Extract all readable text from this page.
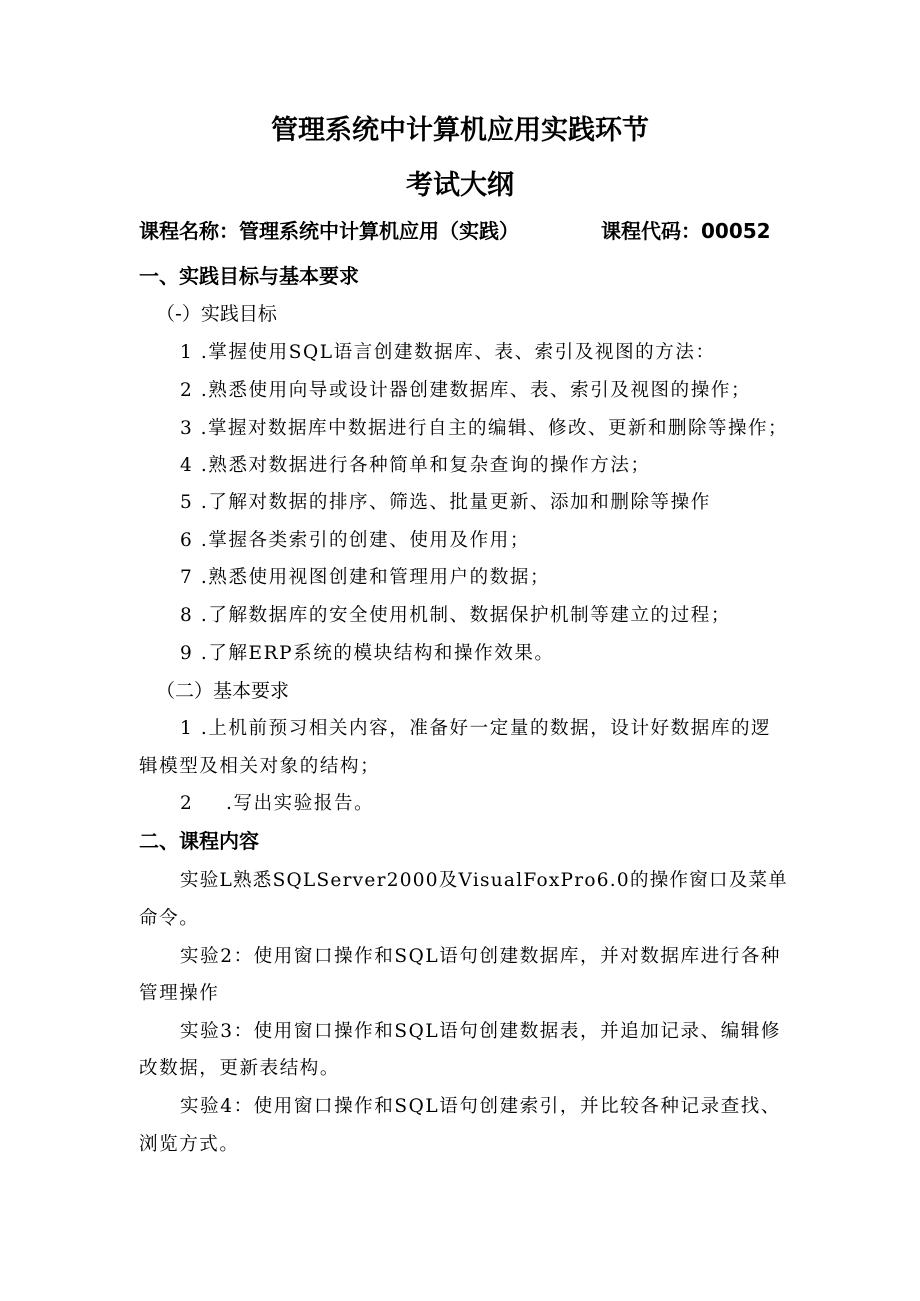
管理系统中计算机应用实践环节
考试大纲
课程名称：管理系统中计算机应用（实践）	课程代码：00052
一、实践目标与基本要求
（-）实践目标
1 .掌握使用SQL语言创建数据库、表、索引及视图的方法：
2 .熟悉使用向导或设计器创建数据库、表、索引及视图的操作；
3 .掌握对数据库中数据进行自主的编辑、修改、更新和删除等操作；
4 .熟悉对数据进行各种简单和复杂查询的操作方法；
5 .了解对数据的排序、筛选、批量更新、添加和删除等操作
6 .掌握各类索引的创建、使用及作用；
7 .熟悉使用视图创建和管理用户的数据；
8 .了解数据库的安全使用机制、数据保护机制等建立的过程；
9 .了解ERP系统的模块结构和操作效果。
（二）基本要求
1 .上机前预习相关内容，准备好一定量的数据，设计好数据库的逻
辑模型及相关对象的结构；
2 .写出实验报告。
二、课程内容
实验L熟悉SQLServer2000及VisualFoxPro6.0的操作窗口及菜单
命令。
实验2：使用窗口操作和SQL语句创建数据库，并对数据库进行各种
管理操作
实验3：使用窗口操作和SQL语句创建数据表，并追加记录、编辑修
改数据，更新表结构。
实验4：使用窗口操作和SQL语句创建索引，并比较各种记录查找、
浏览方式。
